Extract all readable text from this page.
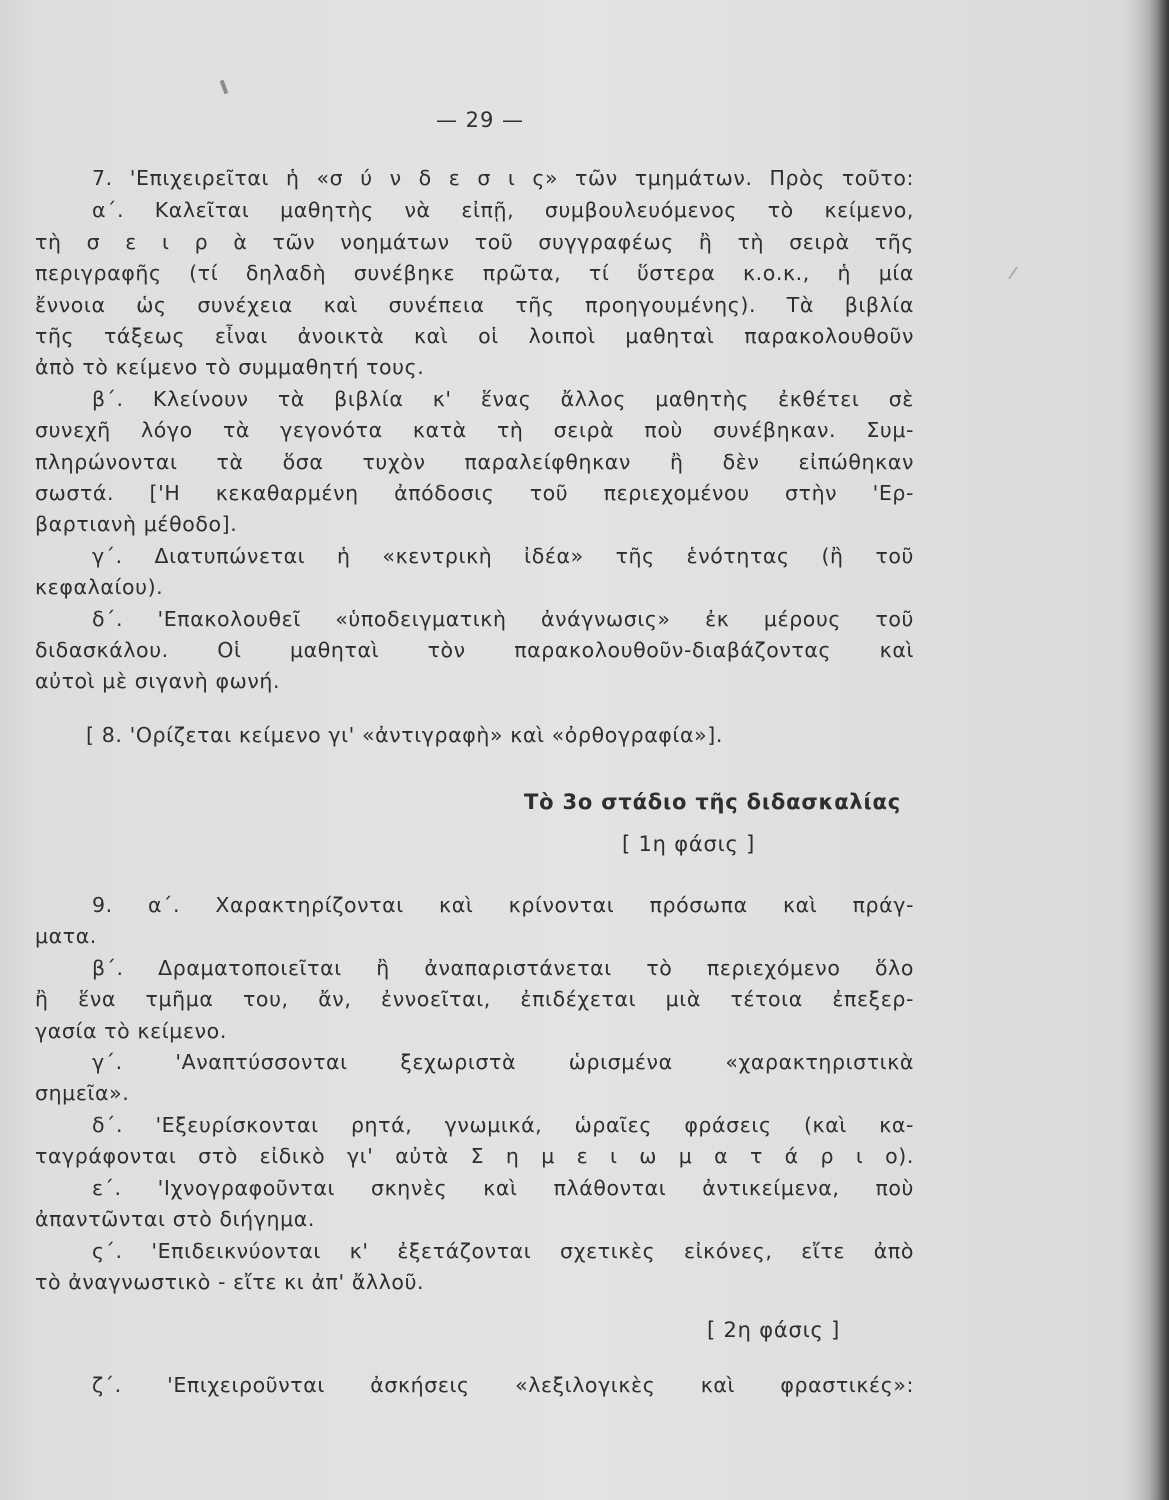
— 29 —
7. 'Επιχειρεῖται ἡ «σ ύ ν δ ε σ ι ς» τῶν τμημάτων. Πρὸς τοῦτο:
α΄. Καλεῖται μαθητὴς νὰ εἰπῇ, συμβουλευόμενος τὸ κείμενο,
τὴ σ ε ι ρ ὰ τῶν νοημάτων τοῦ συγγραφέως ἢ τὴ σειρὰ τῆς
περιγραφῆς (τί δηλαδὴ συνέβηκε πρῶτα, τί ὕστερα κ.ο.κ., ἡ μία
ἔννοια ὡς συνέχεια καὶ συνέπεια τῆς προηγουμένης). Τὰ βιβλία
τῆς τάξεως εἶναι ἀνοικτὰ καὶ οἱ λοιποὶ μαθηταὶ παρακολουθοῦν
ἀπὸ τὸ κείμενο τὸ συμμαθητή τους.
β΄. Κλείνουν τὰ βιβλία κ' ἕνας ἄλλος μαθητὴς ἐκθέτει σὲ
συνεχῆ λόγο τὰ γεγονότα κατὰ τὴ σειρὰ ποὺ συνέβηκαν. Συμ-
πληρώνονται τὰ ὅσα τυχὸν παραλείφθηκαν ἢ δὲν εἰπώθηκαν
σωστά. ['Η κεκαθαρμένη ἀπόδοσις τοῦ περιεχομένου στὴν 'Ερ-
βαρτιανὴ μέθοδο].
γ΄. Διατυπώνεται ἡ «κεντρικὴ ἰδέα» τῆς ἑνότητας (ἢ τοῦ
κεφαλαίου).
δ΄. 'Επακολουθεῖ «ὑποδειγματικὴ ἀνάγνωσις» ἐκ μέρους τοῦ
διδασκάλου. Οἱ μαθηταὶ τὸν παρακολουθοῦν-διαβάζοντας καὶ
αὐτοὶ μὲ σιγανὴ φωνή.
[ 8. 'Ορίζεται κείμενο γι' «ἀντιγραφὴ» καὶ «ὀρθογραφία»].
Τὸ 3ο στάδιο τῆς διδασκαλίας
[ 1η φάσις ]
9. α΄. Χαρακτηρίζονται καὶ κρίνονται πρόσωπα καὶ πράγ-
ματα.
β΄. Δραματοποιεῖται ἢ ἀναπαριστάνεται τὸ περιεχόμενο ὅλο
ἢ ἕνα τμῆμα του, ἄν, ἐννοεῖται, ἐπιδέχεται μιὰ τέτοια ἐπεξερ-
γασία τὸ κείμενο.
γ΄. 'Αναπτύσσονται ξεχωριστὰ ὡρισμένα «χαρακτηριστικὰ
σημεῖα».
δ΄. 'Εξευρίσκονται ρητά, γνωμικά, ὡραῖες φράσεις (καὶ κα-
ταγράφονται στὸ εἰδικὸ γι' αὐτὰ Σ η μ ε ι ω μ α τ ά ρ ι ο).
ε΄. 'Ιχνογραφοῦνται σκηνὲς καὶ πλάθονται ἀντικείμενα, ποὺ
ἀπαντῶνται στὸ διήγημα.
ς΄. 'Επιδεικνύονται κ' ἐξετάζονται σχετικὲς εἰκόνες, εἴτε ἀπὸ
τὸ ἀναγνωστικὸ - εἴτε κι ἀπ' ἄλλοῦ.
[ 2η φάσις ]
ζ΄. 'Επιχειροῦνται ἀσκήσεις «λεξιλογικὲς καὶ φραστικές»:
